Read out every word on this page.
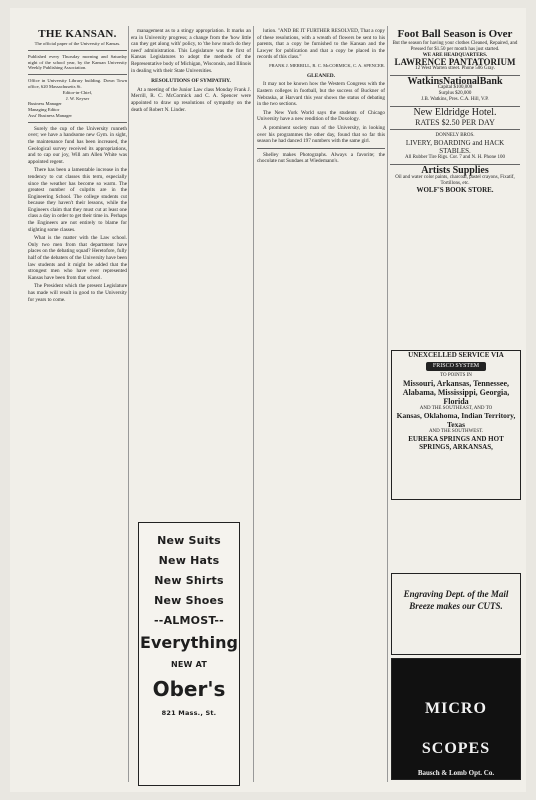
THE KANSAN.
The official paper of the University of Kansas.
Published every Thursday morning and Saturday night of the school year, by the Kansan University Weekly Publishing Association.
Office in University Library building. Down Town office, 620 Massachusetts St.
Editor-in-Chief,
J. W. Keyser
Business Manager
Managing Editor
Asst' Business Manager

Surely the cup of the University runneth over; we have a handsome new Gym. in sight, the maintenance fund has been increased, the Geological survey received its appropriations, and to cap our joy, Will am Allen White was appointed regent.

There has been a lamentable increase in the tendency to cut classes this term, especially since the weather has become so warm. The greatest number of culprits are in the Engineering School. The college students cut because they haven't their lessons, while the Engineers claim that they must cut at least one class a day in order to get their time in. Perhaps the Engineers are not entirely to blame for slighting some classes.

What is the matter with the Law school. Only two men from that department have places on the debating squad? Heretofore, fully half of the debaters of the University have been law students and it might be added that the strongest men who have ever represented Kansas have been from that school.

The President which the present Legislature has made will result in good to the University for years to come.

management as to a stingy appropriation. It marks an era in University progress; a change from the 'how little can they get along with' policy, to 'the how much do they need' administration. This Legislature was the first of Kansas Legislatures to adopt the methods of the Representative body of Michigan, Wisconsin, and Illinois in dealing with their State Universities.

RESOLUTIONS OF SYMPATHY.

At a meeting of the Junior Law class Monday Frank J. Merrill, R. C. McCormick and C. A. Spencer were appointed to draw up resolutions of sympathy on the death of Robert N. Linder.

New Suits
New Hats
New Shirts
New Shoes
--ALMOST--
Everything
NEW AT
Ober's
821 Mass., St.

lution. "AND BE IT FURTHER RESOLVED, That a copy of these resolutions, with a wreath of flowers be sent to his parents, that a copy be furnished to the Kansan and the Lawyer for publication and that a copy be placed in the records of this class."

FRANK J. MERRILL, R. C. McCORMICK, C. A. SPENCER.
GLEANED.

It may not be known how the Western Congress with the Eastern colleges in football, but the success of Buckner of Nebraska, at Harvard this year shows the status of debating in the two sections.

The New York World says the students of Chicago University have a new rendition of the Doxology.

A prominent society man of the University, in looking over his programmes the other day, found that so far this season he had danced 197 numbers with the same girl.

Shelley makes Photographs. Always a favorite; the chocolate nut Sundaes at Wiedemann's.

Foot Ball Season is Over
But the season for having your clothes Cleaned, Repaired, and Pressed for $1.50 per month has just started.
WE ARE HEADQUARTERS.
LAWRENCE PANTATORIUM
12 West Warren street. Phone 506 Gray.
WatkinsNationalBank
Capital $100,000
Surplus $20,000
J.B. Watkins, Pres. C.A. Hill, V.P.
New Eldridge Hotel.
RATES $2.50 PER DAY
DONNELY BROS.
LIVERY, BOARDING and HACK STABLES.
All Rubber Tire Rigs. Cor. 7 and N. H. Phone 100
Artists Supplies
Oil and water color paints, charcoal, pastel crayons, Fixatif, Tortillons, etc.
WOLF'S BOOK STORE.
UNEXCELLED SERVICE VIA
FRISCO SYSTEM
TO POINTS IN
Missouri, Arkansas, Tennessee, Alabama, Mississippi, Georgia, Florida
AND THE SOUTHEAST, AND TO
Kansas, Oklahoma, Indian Territory, Texas
AND THE SOUTHWEST.
EUREKA SPRINGS AND HOT SPRINGS, ARKANSAS,
Engraving Dept. of the Mail Breeze makes our CUTS.
MICRO SCOPES
Bausch & Lomb Opt. Co.
